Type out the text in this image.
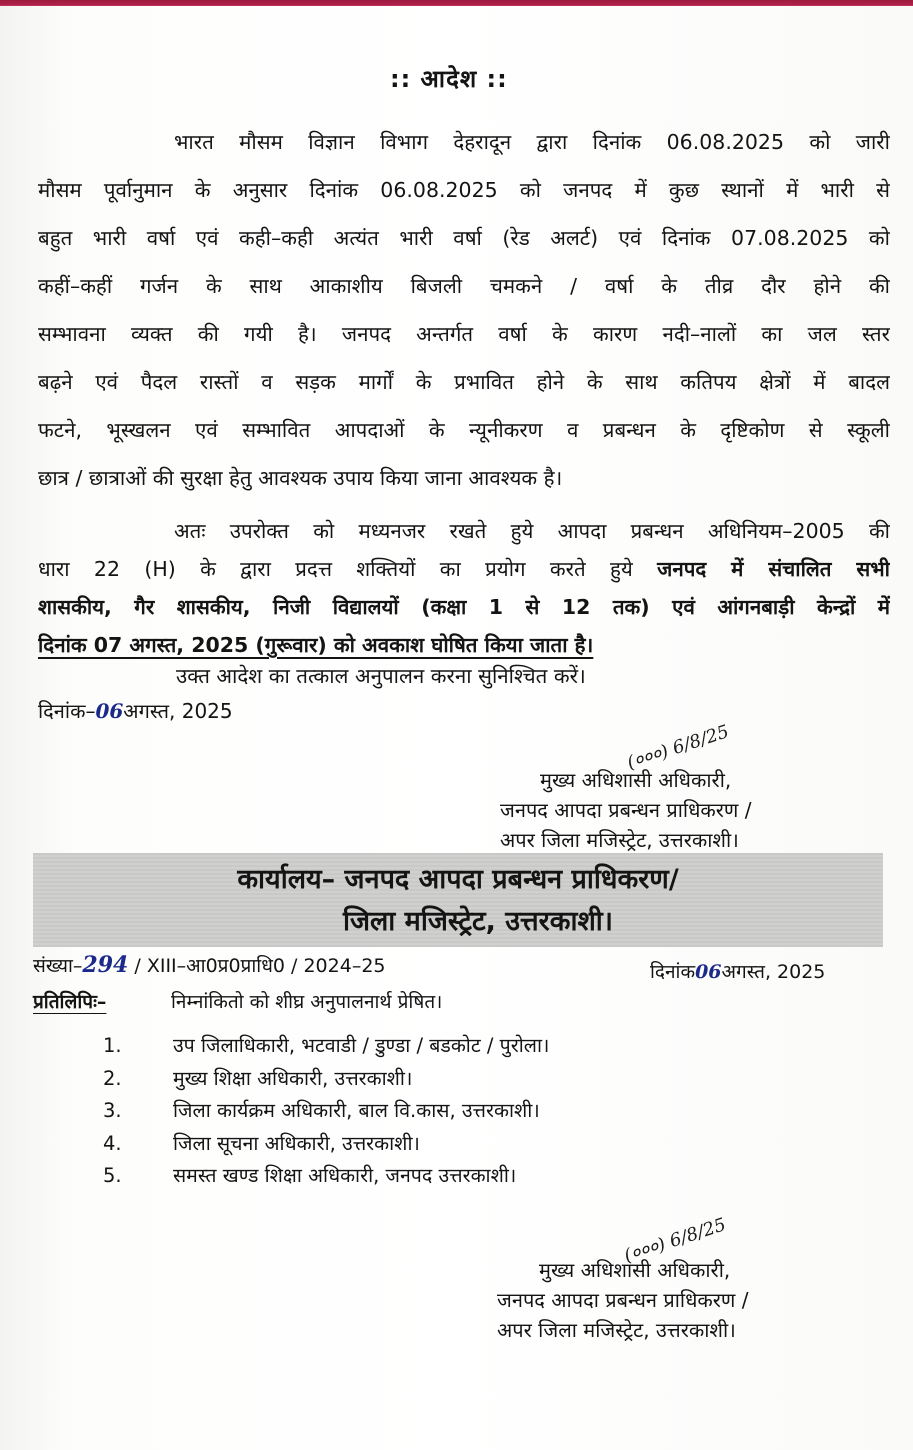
:: आदेश ::
भारत मौसम विज्ञान विभाग देहरादून द्वारा दिनांक 06.08.2025 को जारी
मौसम पूर्वानुमान के अनुसार दिनांक 06.08.2025 को जनपद में कुछ स्थानों में भारी से
बहुत भारी वर्षा एवं कही–कही अत्यंत भारी वर्षा (रेड अलर्ट) एवं दिनांक 07.08.2025 को
कहीं–कहीं गर्जन के साथ आकाशीय बिजली चमकने / वर्षा के तीव्र दौर होने की
सम्भावना व्यक्त की गयी है। जनपद अन्तर्गत वर्षा के कारण नदी–नालों का जल स्तर
बढ़ने एवं पैदल रास्तों व सड़क मार्गों के प्रभावित होने के साथ कतिपय क्षेत्रों में बादल
फटने, भूस्खलन एवं सम्भावित आपदाओं के न्यूनीकरण व प्रबन्धन के दृष्टिकोण से स्कूली
छात्र / छात्राओं की सुरक्षा हेतु आवश्यक उपाय किया जाना आवश्यक है।
अतः उपरोक्त को मध्यनजर रखते हुये आपदा प्रबन्धन अधिनियम–2005 की
धारा 22 (H) के द्वारा प्रदत्त शक्तियों का प्रयोग करते हुये जनपद में संचालित सभी
शासकीय, गैर शासकीय, निजी विद्यालयों (कक्षा 1 से 12 तक) एवं आंगनबाड़ी केन्द्रों में
दिनांक 07 अगस्त, 2025 (गुरूवार) को अवकाश घोषित किया जाता है।
उक्त आदेश का तत्काल अनुपालन करना सुनिश्चित करें।
दिनांक–06अगस्त, 2025
(०००) 6/8/25
मुख्य अधिशासी अधिकारी,
जनपद आपदा प्रबन्धन प्राधिकरण /
अपर जिला मजिस्ट्रेट, उत्तरकाशी।
कार्यालय– जनपद आपदा प्रबन्धन प्राधिकरण/
जिला मजिस्ट्रेट, उत्तरकाशी।
संख्या–294 / XIII–आ0प्र0प्राधि0 / 2024–25	दिनांक06अगस्त, 2025
प्रतिलिपिः–	निम्नांकितो को शीघ्र अनुपालनार्थ प्रेषित।
1.	उप जिलाधिकारी, भटवाडी / डुण्डा / बडकोट / पुरोला।
2.	मुख्य शिक्षा अधिकारी, उत्तरकाशी।
3.	जिला कार्यक्रम अधिकारी, बाल वि.कास, उत्तरकाशी।
4.	जिला सूचना अधिकारी, उत्तरकाशी।
5.	समस्त खण्ड शिक्षा अधिकारी, जनपद उत्तरकाशी।
(०००) 6/8/25
मुख्य अधिशासी अधिकारी,
जनपद आपदा प्रबन्धन प्राधिकरण /
अपर जिला मजिस्ट्रेट, उत्तरकाशी।
